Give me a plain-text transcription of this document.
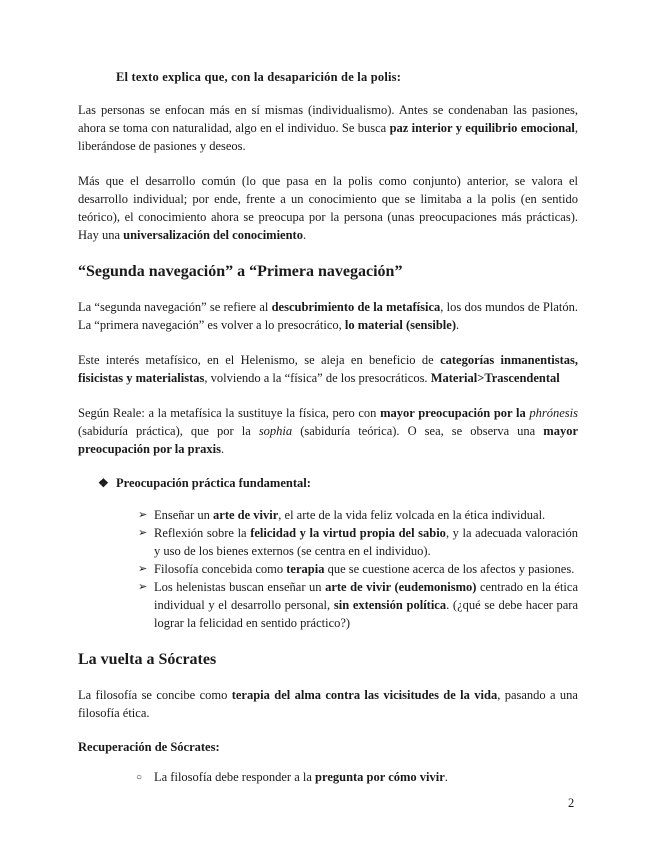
El texto explica que, con la desaparición de la polis:

Las personas se enfocan más en sí mismas (individualismo). Antes se condenaban las pasiones, ahora se toma con naturalidad, algo en el individuo. Se busca paz interior y equilibrio emocional, liberándose de pasiones y deseos.

Más que el desarrollo común (lo que pasa en la polis como conjunto) anterior, se valora el desarrollo individual; por ende, frente a un conocimiento que se limitaba a la polis (en sentido teórico), el conocimiento ahora se preocupa por la persona (unas preocupaciones más prácticas). Hay una universalización del conocimiento.

“Segunda navegación” a “Primera navegación”

La “segunda navegación” se refiere al descubrimiento de la metafísica, los dos mundos de Platón. La “primera navegación” es volver a lo presocrático, lo material (sensible).

Este interés metafísico, en el Helenismo, se aleja en beneficio de categorías inmanentistas, fisicistas y materialistas, volviendo a la “física” de los presocráticos. Material>Trascendental

Según Reale: a la metafísica la sustituye la física, pero con mayor preocupación por la phrónesis (sabiduría práctica), que por la sophia (sabiduría teórica). O sea, se observa una mayor preocupación por la praxis.

❖ Preocupación práctica fundamental:
➢ Enseñar un arte de vivir, el arte de la vida feliz volcada en la ética individual.
➢ Reflexión sobre la felicidad y la virtud propia del sabio, y la adecuada valoración y uso de los bienes externos (se centra en el individuo).
➢ Filosofía concebida como terapia que se cuestione acerca de los afectos y pasiones.
➢ Los helenistas buscan enseñar un arte de vivir (eudemonismo) centrado en la ética individual y el desarrollo personal, sin extensión política. (¿qué se debe hacer para lograr la felicidad en sentido práctico?)
La vuelta a Sócrates

La filosofía se concibe como terapia del alma contra las vicisitudes de la vida, pasando a una filosofía ética.

Recuperación de Sócrates:
○ La filosofía debe responder a la pregunta por cómo vivir.
2
